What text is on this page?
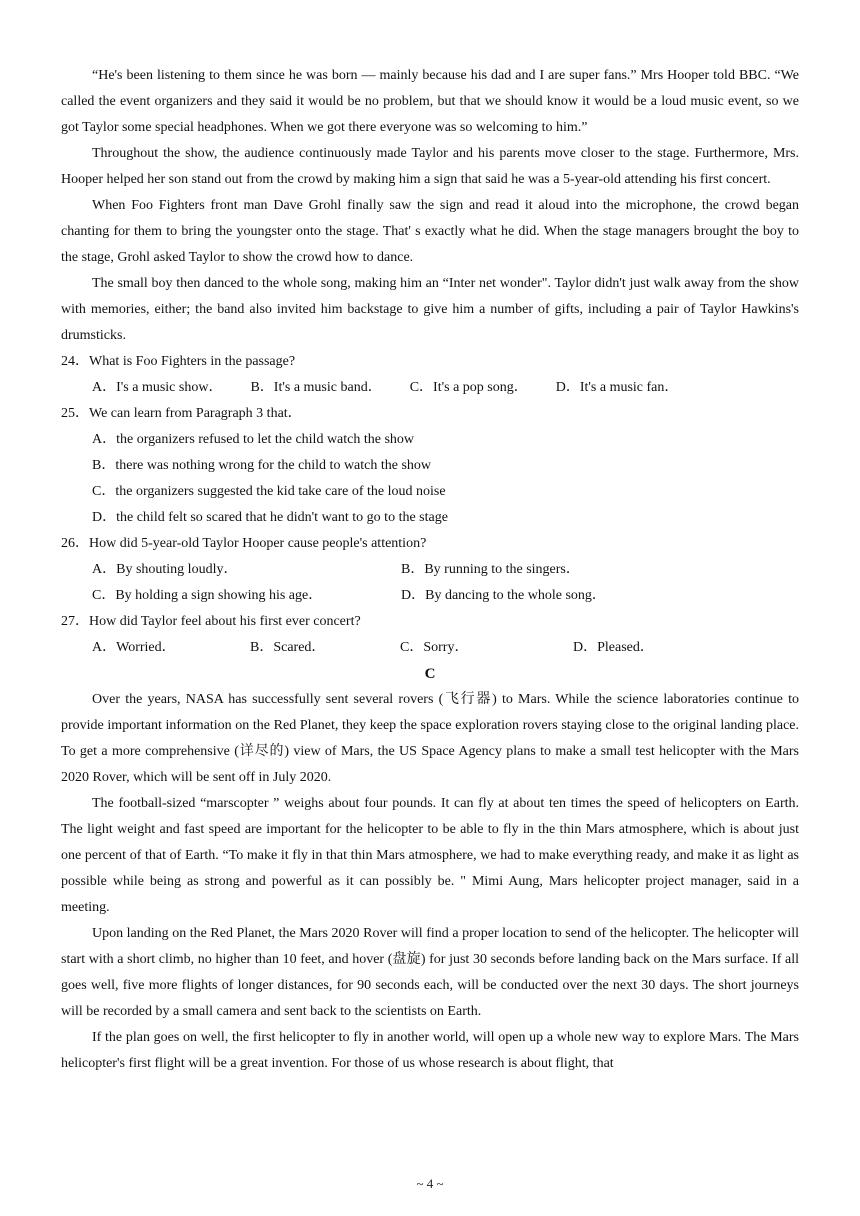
“He's been listening to them since he was born — mainly because his dad and I are super fans.” Mrs Hooper told BBC. “We called the event organizers and they said it would be no problem, but that we should know it would be a loud music event, so we got Taylor some special headphones. When we got there everyone was so welcoming to him.”

Throughout the show, the audience continuously made Taylor and his parents move closer to the stage. Furthermore, Mrs. Hooper helped her son stand out from the crowd by making him a sign that said he was a 5-year-old attending his first concert.

When Foo Fighters front man Dave Grohl finally saw the sign and read it aloud into the microphone, the crowd began chanting for them to bring the youngster onto the stage. That' s exactly what he did. When the stage managers brought the boy to the stage, Grohl asked Taylor to show the crowd how to dance.

The small boy then danced to the whole song, making him an “Inter net wonder". Taylor didn't just walk away from the show with memories, either; the band also invited him backstage to give him a number of gifts, including a pair of Taylor Hawkins's drumsticks.

24．What is Foo Fighters in the passage?

A．I's a music show． B．It's a music band． C．It's a pop song． D．It's a music fan．

25．We can learn from Paragraph 3 that．

A．the organizers refused to let the child watch the show

B．there was nothing wrong for the child to watch the show

C．the organizers suggested the kid take care of the loud noise

D．the child felt so scared that he didn't want to go to the stage

26．How did 5-year-old Taylor Hooper cause people's attention?

A．By shouting loudly．	B．By running to the singers．

C．By holding a sign showing his age．	D．By dancing to the whole song．

27．How did Taylor feel about his first ever concert?

A．Worried．	B．Scared．	C．Sorry．	D．Pleased．

C

Over the years, NASA has successfully sent several rovers (飞行器) to Mars. While the science laboratories continue to provide important information on the Red Planet, they keep the space exploration rovers staying close to the original landing place. To get a more comprehensive (详尽的) view of Mars, the US Space Agency plans to make a small test helicopter with the Mars 2020 Rover, which will be sent off in July 2020.

The football-sized “marscopter ” weighs about four pounds. It can fly at about ten times the speed of helicopters on Earth. The light weight and fast speed are important for the helicopter to be able to fly in the thin Mars atmosphere, which is about just one percent of that of Earth. “To make it fly in that thin Mars atmosphere, we had to make everything ready, and make it as light as possible while being as strong and powerful as it can possibly be. " Mimi Aung, Mars helicopter project manager, said in a meeting.

Upon landing on the Red Planet, the Mars 2020 Rover will find a proper location to send of the helicopter. The helicopter will start with a short climb, no higher than 10 feet, and hover (盘旋) for just 30 seconds before landing back on the Mars surface. If all goes well, five more flights of longer distances, for 90 seconds each, will be conducted over the next 30 days. The short journeys will be recorded by a small camera and sent back to the scientists on Earth.

If the plan goes on well, the first helicopter to fly in another world, will open up a whole new way to explore Mars. The Mars helicopter's first flight will be a great invention. For those of us whose research is about flight, that

~ 4 ~
